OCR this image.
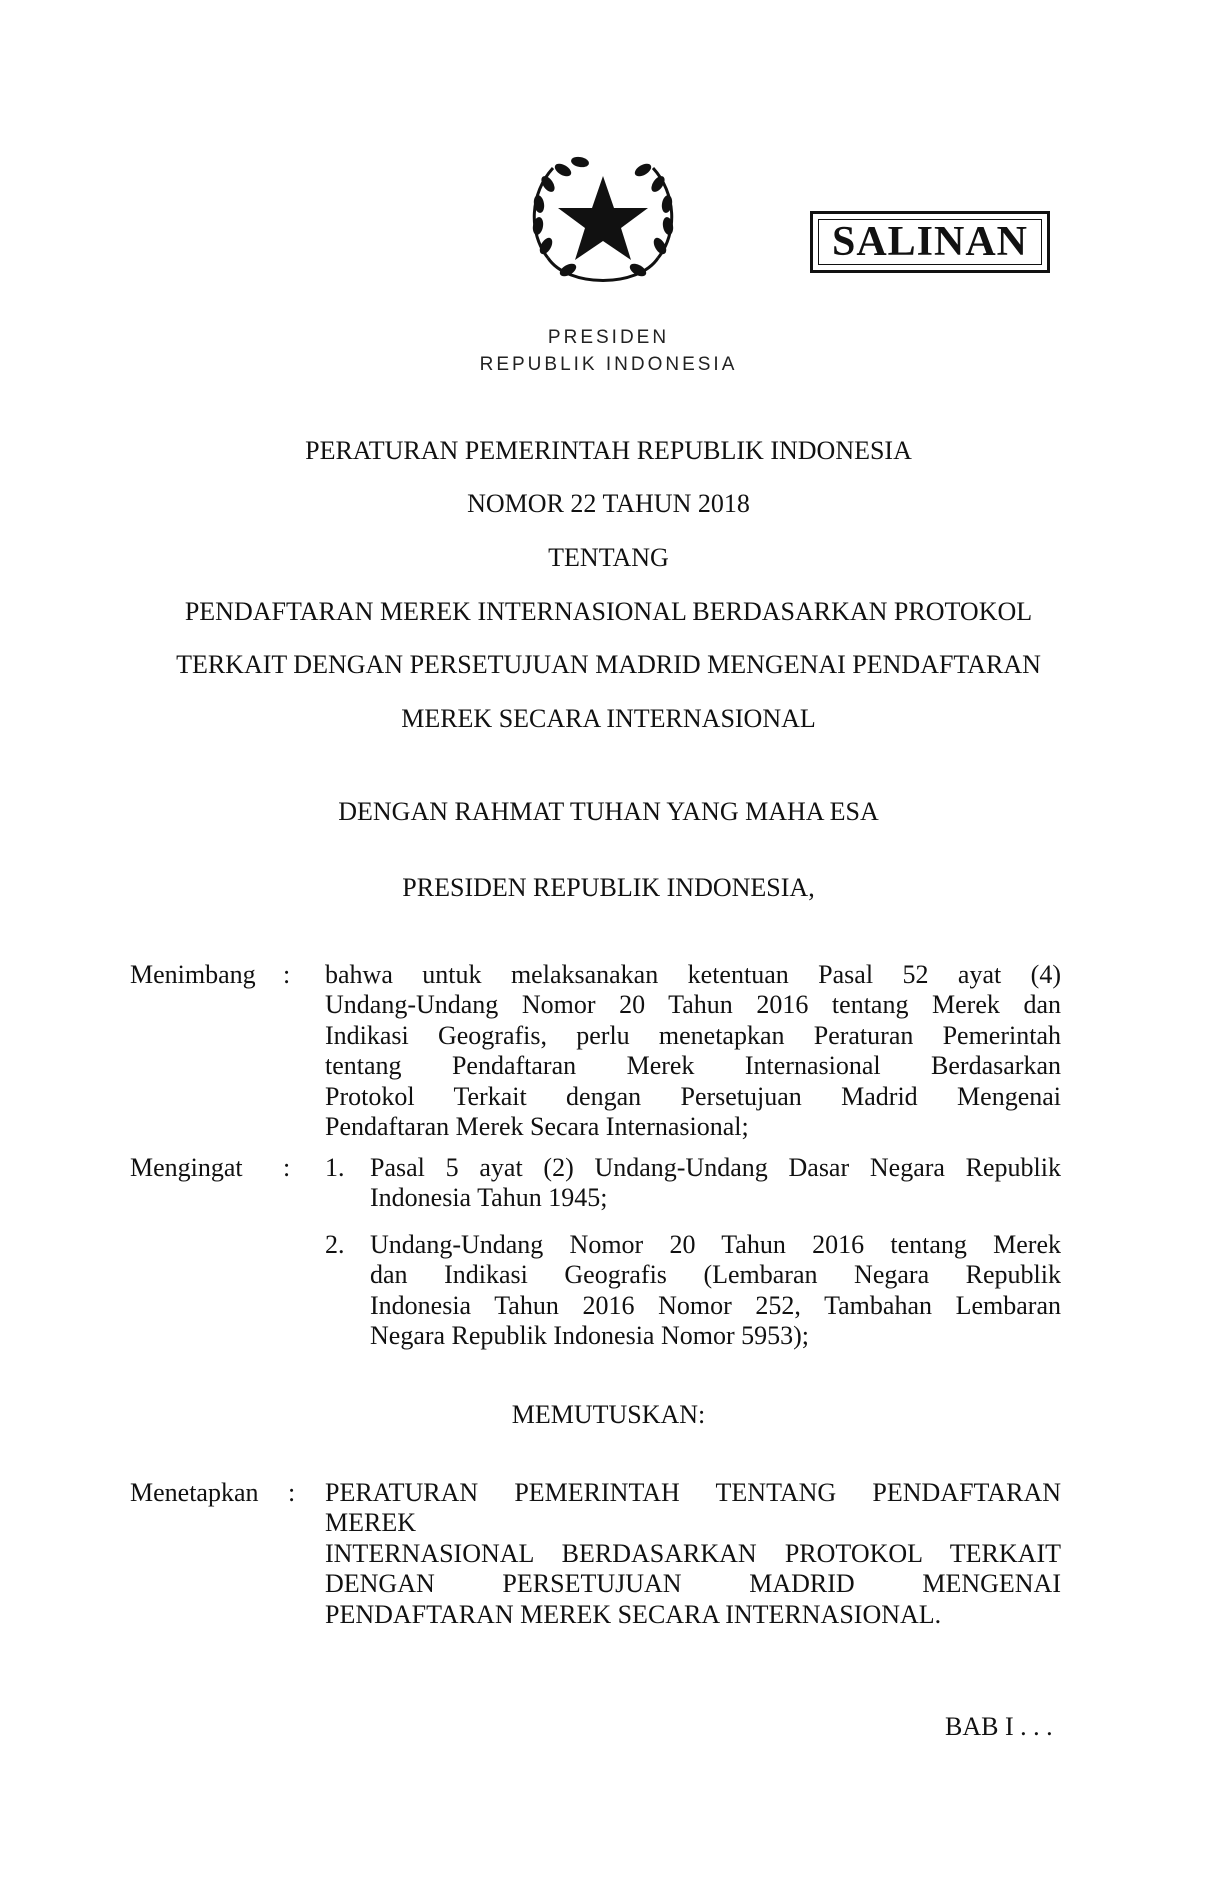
SALINAN
PRESIDEN
REPUBLIK INDONESIA
PERATURAN PEMERINTAH REPUBLIK INDONESIA
NOMOR 22 TAHUN 2018
TENTANG
PENDAFTARAN MEREK INTERNASIONAL BERDASARKAN PROTOKOL
TERKAIT DENGAN PERSETUJUAN MADRID MENGENAI PENDAFTARAN
MEREK SECARA INTERNASIONAL
DENGAN RAHMAT TUHAN YANG MAHA ESA
PRESIDEN REPUBLIK INDONESIA,
Menimbang : bahwa untuk melaksanakan ketentuan Pasal 52 ayat (4)
Undang-Undang Nomor 20 Tahun 2016 tentang Merek dan
Indikasi Geografis, perlu menetapkan Peraturan Pemerintah
tentang Pendaftaran Merek Internasional Berdasarkan
Protokol Terkait dengan Persetujuan Madrid Mengenai
Pendaftaran Merek Secara Internasional;
Mengingat : 1. Pasal 5 ayat (2) Undang-Undang Dasar Negara Republik
Indonesia Tahun 1945;
2. Undang-Undang Nomor 20 Tahun 2016 tentang Merek
dan Indikasi Geografis (Lembaran Negara Republik
Indonesia Tahun 2016 Nomor 252, Tambahan Lembaran
Negara Republik Indonesia Nomor 5953);
MEMUTUSKAN:
Menetapkan : PERATURAN PEMERINTAH TENTANG PENDAFTARAN MEREK
INTERNASIONAL BERDASARKAN PROTOKOL TERKAIT
DENGAN PERSETUJUAN MADRID MENGENAI
PENDAFTARAN MEREK SECARA INTERNASIONAL.
BAB I . . .
